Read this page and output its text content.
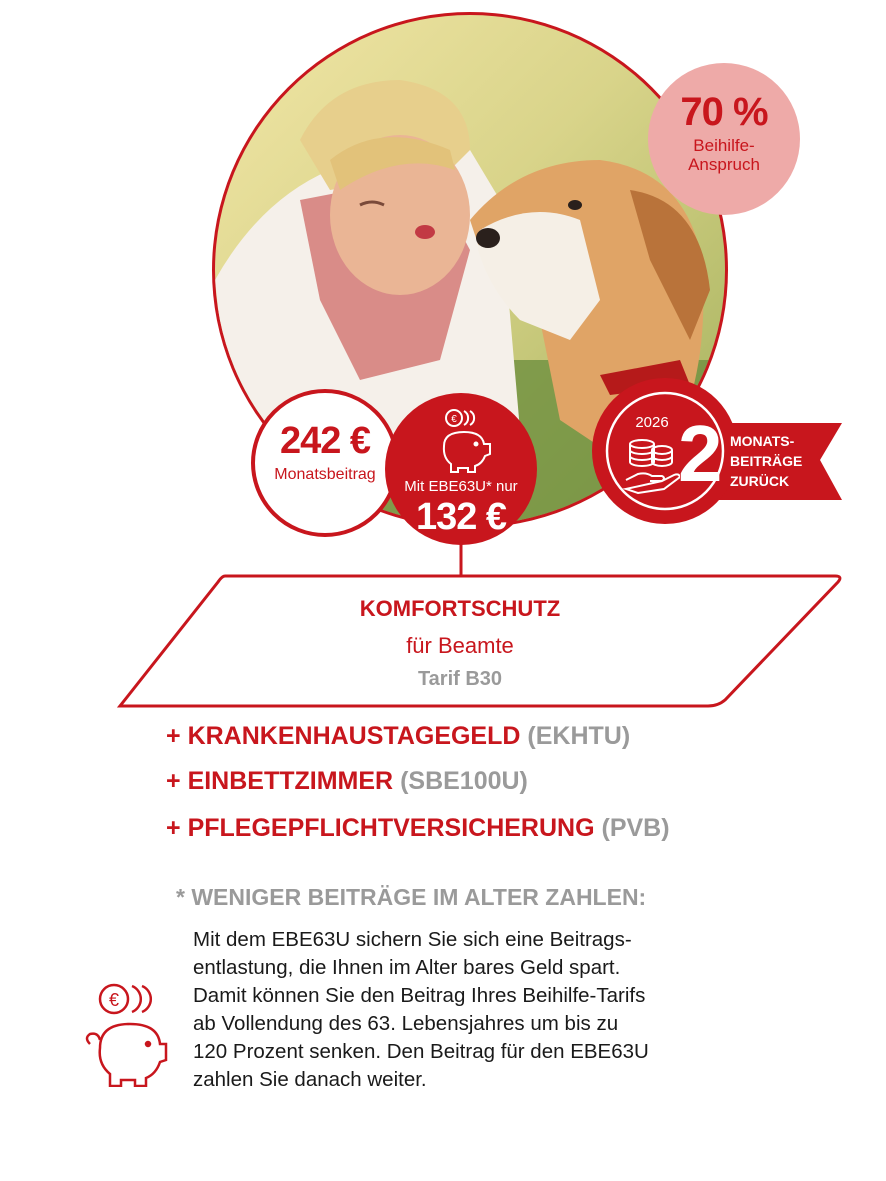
70 %
Beihilfe-
Anspruch
242 €
Monatsbeitrag
€
Mit EBE63U* nur
132 €
2026 2 MONATS-
BEITRÄGE
ZURÜCK
KOMFORTSCHUTZ
für Beamte
Tarif B30
+ KRANKENHAUSTAGEGELD (EKHTU)
+ EINBETTZIMMER (SBE100U)
+ PFLEGEPFLICHTVERSICHERUNG (PVB)
* WENIGER BEITRÄGE IM ALTER ZAHLEN:
Mit dem EBE63U sichern Sie sich eine Beitrags-
entlastung, die Ihnen im Alter bares Geld spart.
Damit können Sie den Beitrag Ihres Beihilfe-Tarifs
ab Vollendung des 63. Lebensjahres um bis zu
120 Prozent senken. Den Beitrag für den EBE63U
zahlen Sie danach weiter.
€
